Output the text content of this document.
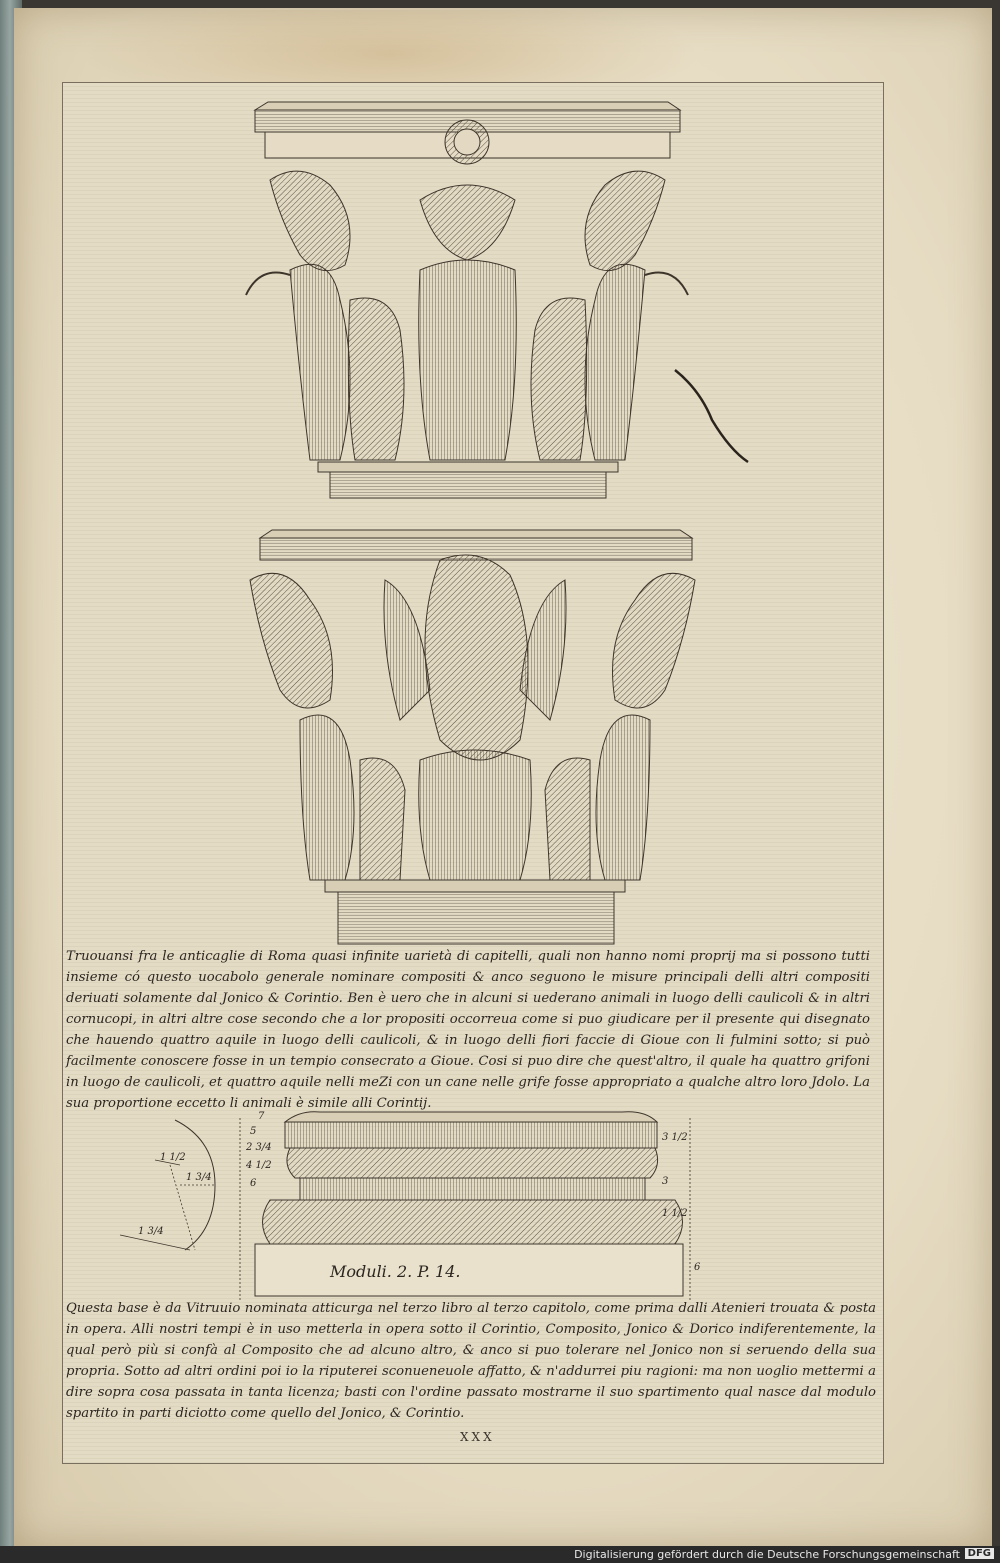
Truouansi fra le anticaglie di Roma quasi infinite uarietà di capitelli, quali non hanno nomi proprij ma si possono tutti insieme có questo uocabolo generale nominare compositi & anco seguono le misure principali delli altri compositi deriuati solamente dal Jonico & Corintio. Ben è uero che in alcuni si uederano animali in luogo delli caulicoli & in altri cornucopi, in altri altre cose secondo che a lor propositi occorreua come si puo giudicare per il presente qui disegnato che hauendo quattro aquile in luogo delli caulicoli, & in luogo delli fiori faccie di Gioue con li fulmini sotto; si può facilmente conoscere fosse in un tempio consecrato a Gioue. Cosi si puo dire che quest'altro, il quale ha quattro grifoni in luogo de caulicoli, et quattro aquile nelli meZi con un cane nelle grife fosse appropriato a qualche altro loro Jdolo. La sua proportione eccetto li animali è simile alli Corintij.

Moduli. 2. P. 14.
7
5
2 3/4
4 1/2
6
3 1/2
3
1 1/2
6
1 1/2
1 3/4
1 3/4

Questa base è da Vitruuio nominata atticurga nel terzo libro al terzo capitolo, come prima dalli Atenieri trouata & posta in opera. Alli nostri tempi è in uso metterla in opera sotto il Corintio, Composito, Jonico & Dorico indiferentemente, la qual però più si confà al Composito che ad alcuno altro, & anco si puo tolerare nel Jonico non si seruendo della sua propria. Sotto ad altri ordini poi io la riputerei sconueneuole affatto, & n'addurrei piu ragioni: ma non uoglio mettermi a dire sopra cosa passata in tanta licenza; basti con l'ordine passato mostrarne il suo spartimento qual nasce dal modulo spartito in parti diciotto come quello del Jonico, & Corintio.

XXX
Digitalisierung gefördert durch die Deutsche Forschungsgemeinschaft DFG
